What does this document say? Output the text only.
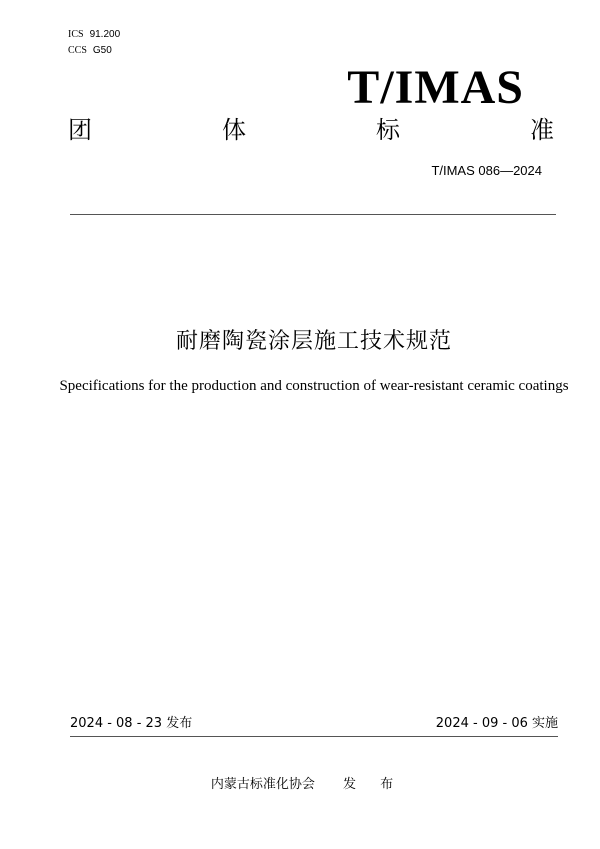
ICS 91.200
CCS G50
T/IMAS
团	体	标	准
T/IMAS 086—2024
耐磨陶瓷涂层施工技术规范
Specifications for the production and construction of wear-resistant ceramic coatings
2024 - 08 - 23 发布	2024 - 09 - 06 实施
内蒙古标准化协会 发 布
